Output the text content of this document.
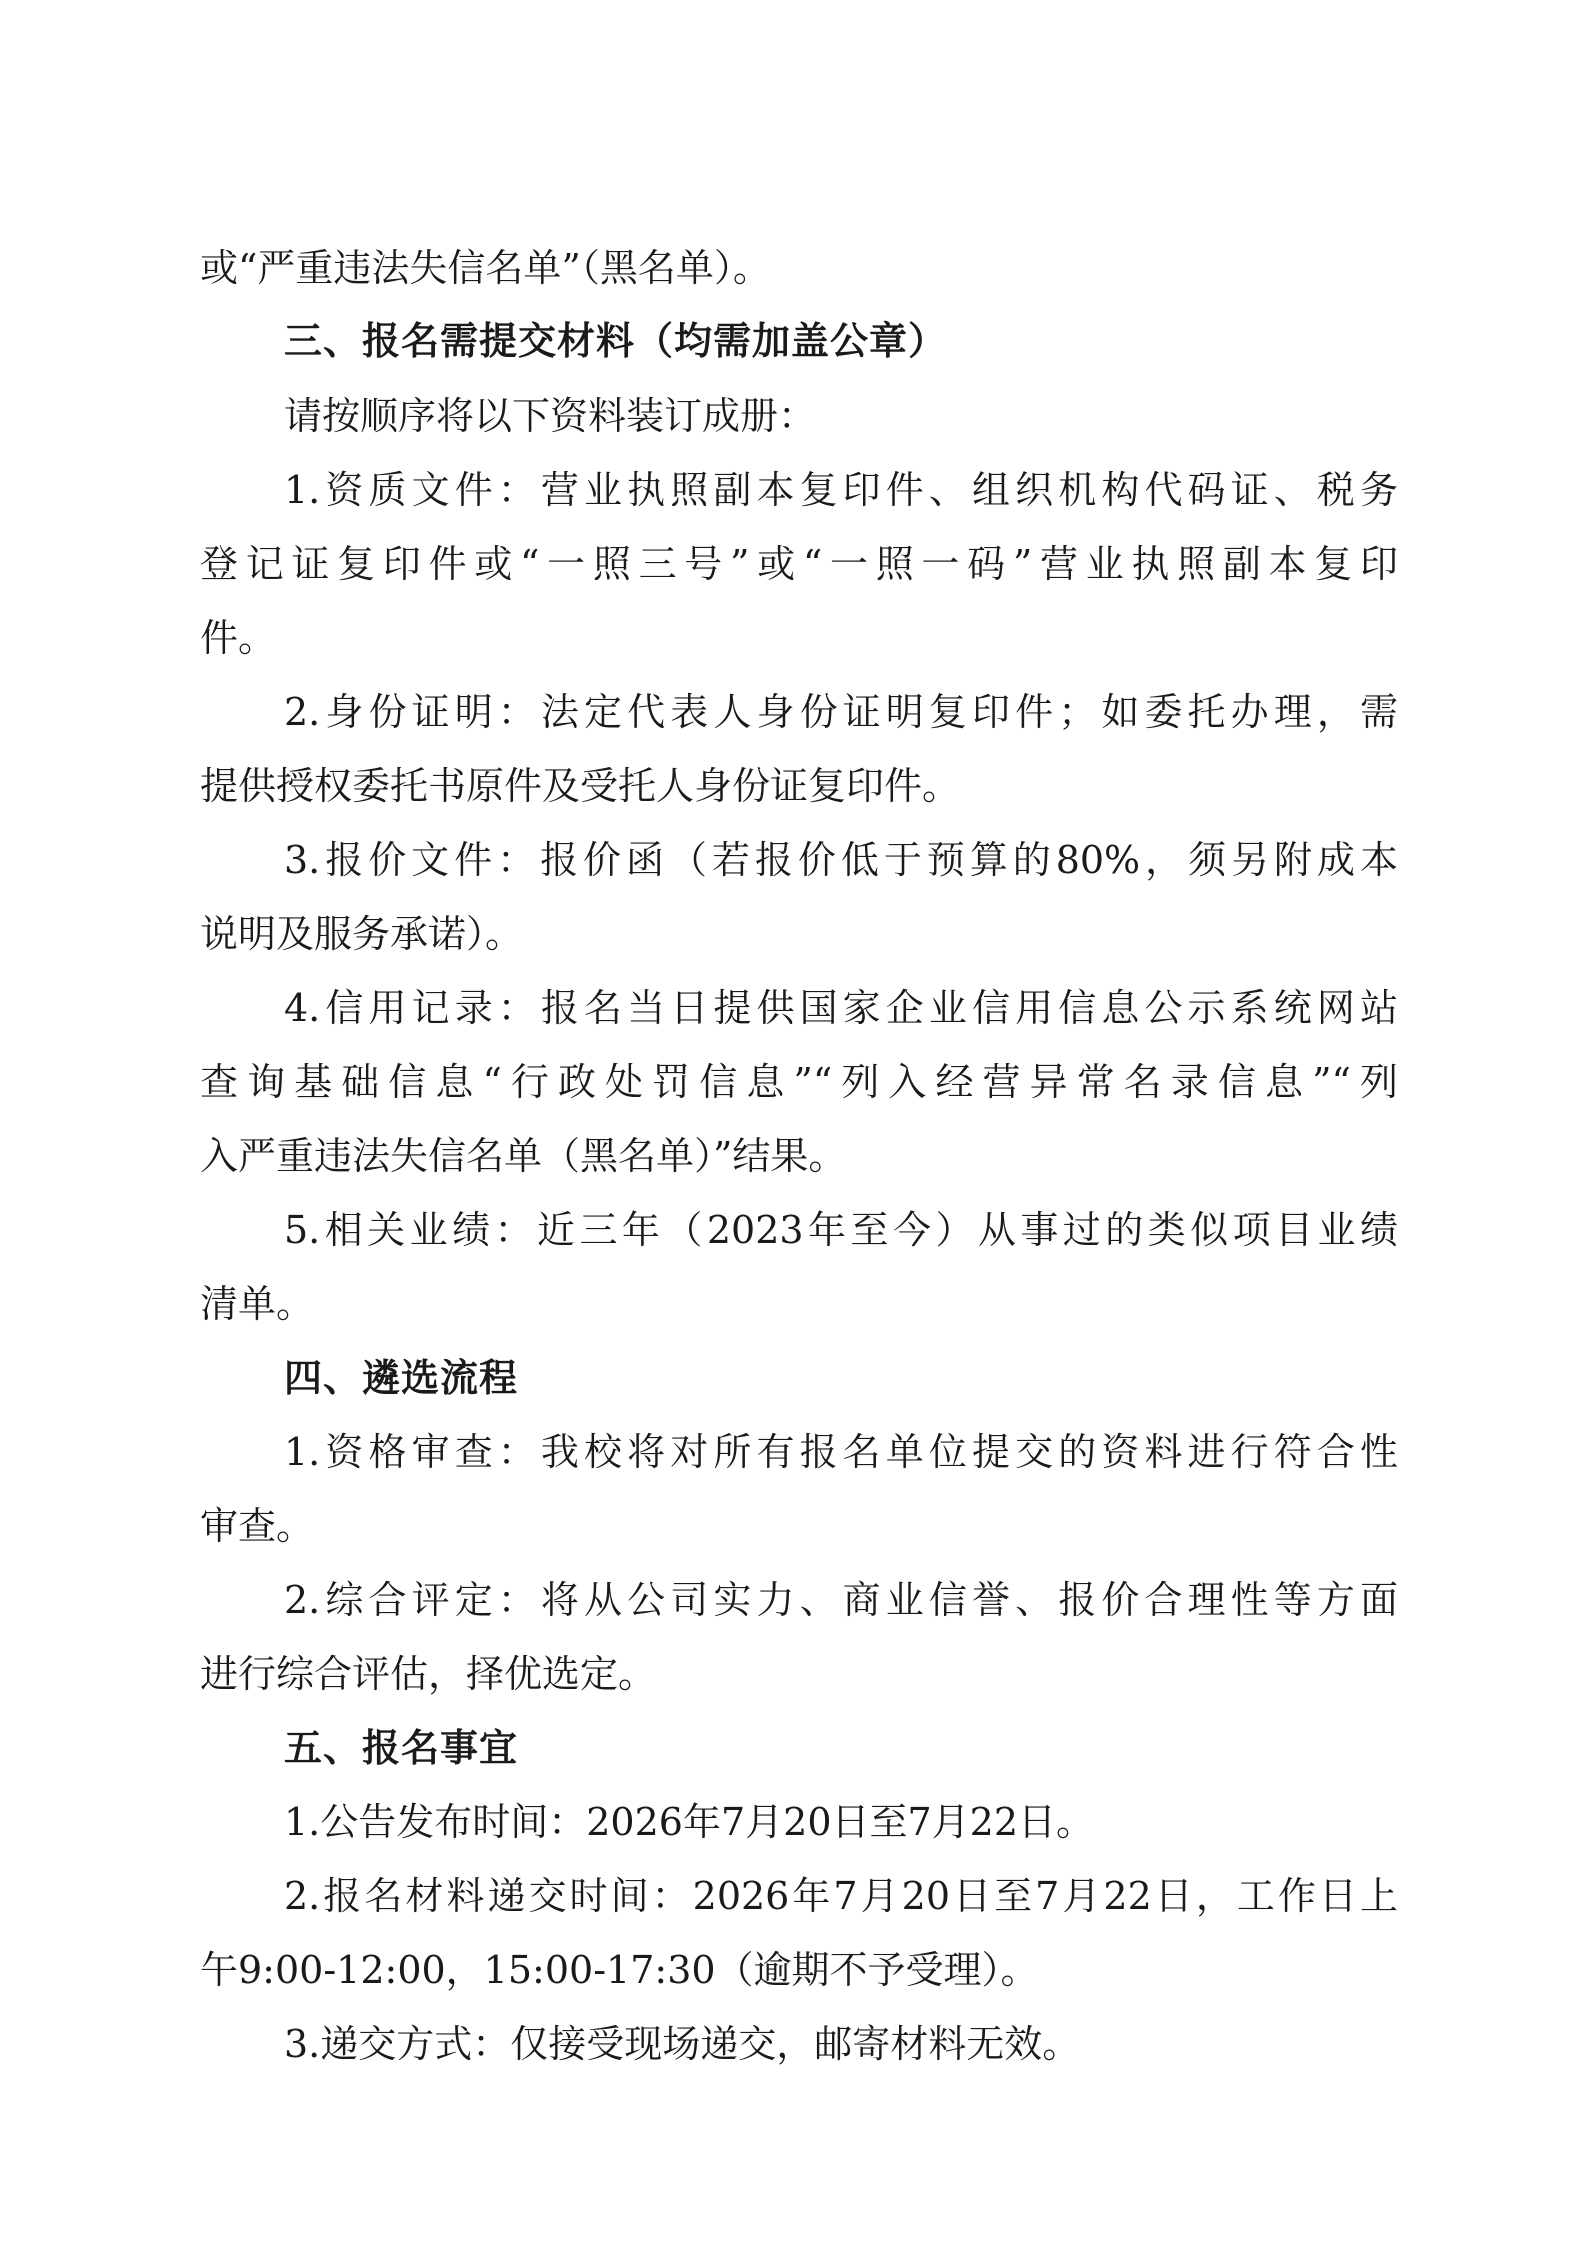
或“严重违法失信名单”（黑名单）。
三、报名需提交材料（均需加盖公章）
请按顺序将以下资料装订成册：
1.资质文件：营业执照副本复印件、组织机构代码证、税务
登记证复印件或“一照三号”或“一照一码”营业执照副本复印
件。
2.身份证明：法定代表人身份证明复印件；如委托办理，需
提供授权委托书原件及受托人身份证复印件。
3.报价文件：报价函（若报价低于预算的80%，须另附成本
说明及服务承诺）。
4.信用记录：报名当日提供国家企业信用信息公示系统网站
查询基础信息“行政处罚信息”“列入经营异常名录信息”“列
入严重违法失信名单（黑名单）”结果。
5.相关业绩：近三年（2023年至今）从事过的类似项目业绩
清单。
四、遴选流程
1.资格审查：我校将对所有报名单位提交的资料进行符合性
审查。
2.综合评定：将从公司实力、商业信誉、报价合理性等方面
进行综合评估，择优选定。
五、报名事宜
1.公告发布时间：2026年7月20日至7月22日。
2.报名材料递交时间：2026年7月20日至7月22日，工作日上
午9:00-12:00，15:00-17:30（逾期不予受理）。
3.递交方式：仅接受现场递交，邮寄材料无效。
